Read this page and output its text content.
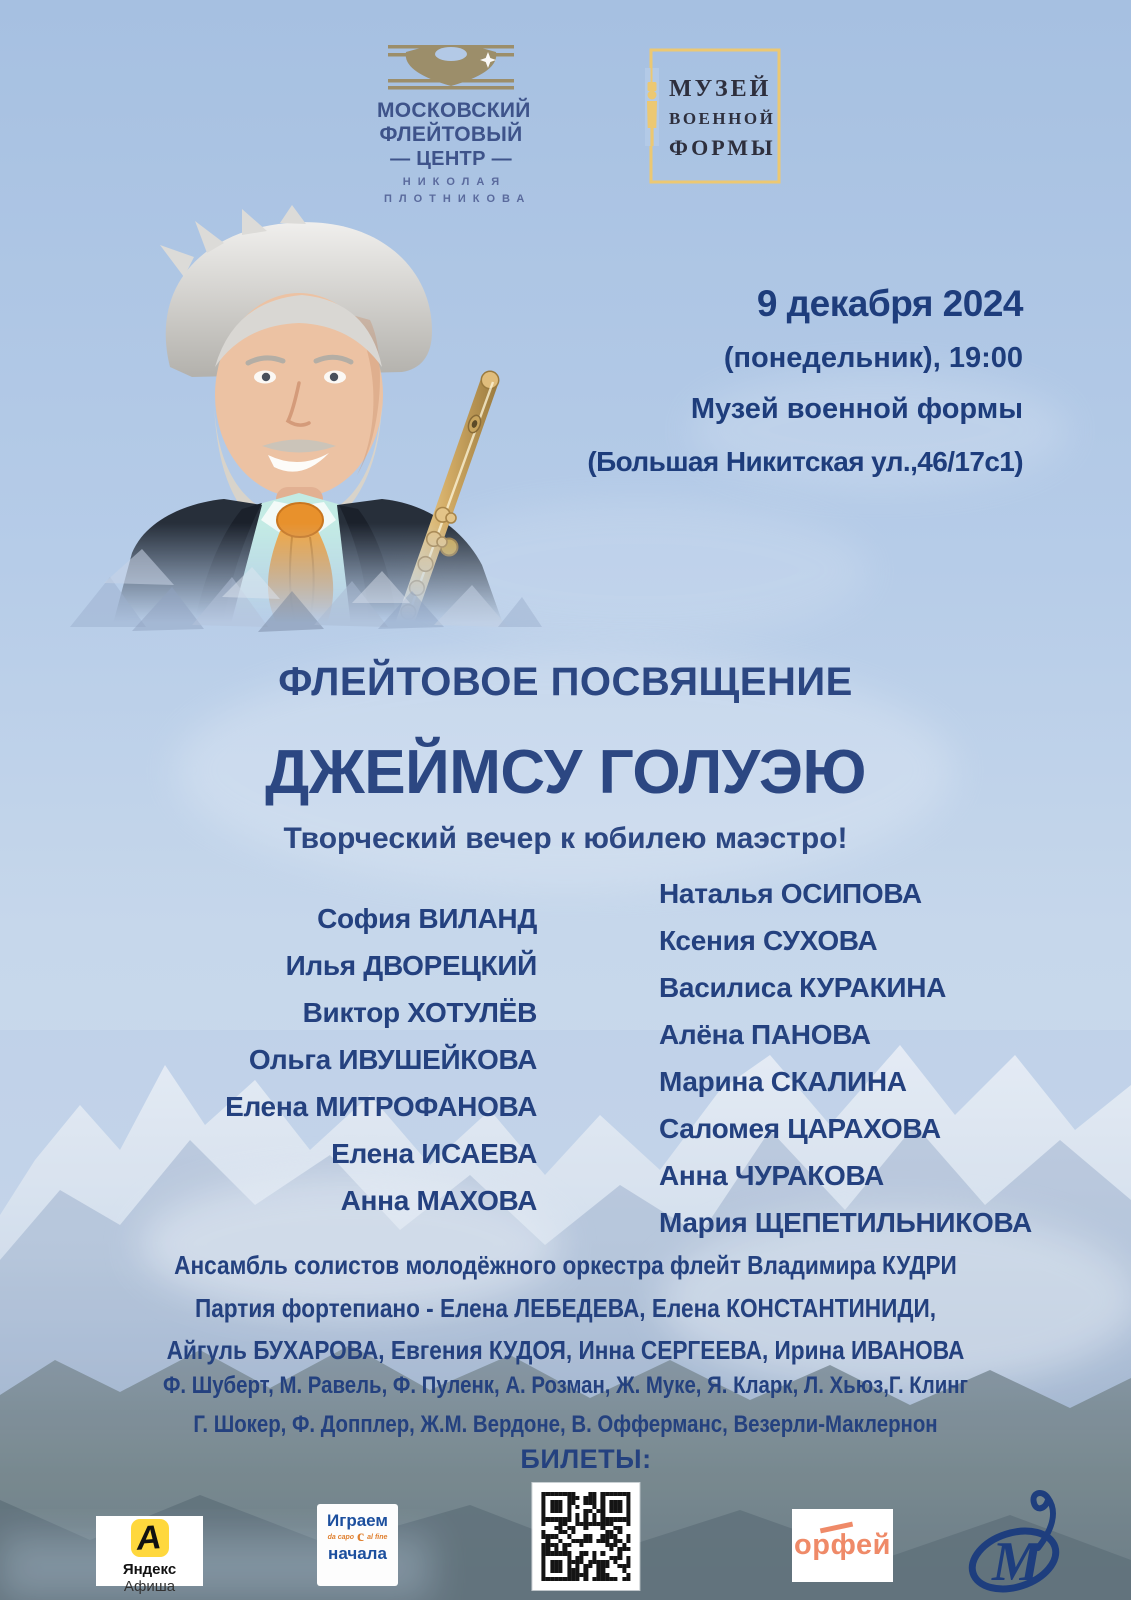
МОСКОВСКИЙ
ФЛЕЙТОВЫЙ
— ЦЕНТР —
НИКОЛАЯ
ПЛОТНИКОВА
МУЗЕЙ
ВОЕННОЙ
ФОРМЫ
9 декабря 2024
(понедельник), 19:00
Музей военной формы
(Большая Никитская ул.,46/17с1)
ФЛЕЙТОВОЕ ПОСВЯЩЕНИЕ
ДЖЕЙМСУ ГОЛУЭЮ
Творческий вечер к юбилею маэстро!
София ВИЛАНД
Илья ДВОРЕЦКИЙ
Виктор ХОТУЛЁВ
Ольга ИВУШЕЙКОВА
Елена МИТРОФАНОВА
Елена ИСАЕВА
Анна МАХОВА
Наталья ОСИПОВА
Ксения СУХОВА
Василиса КУРАКИНА
Алёна ПАНОВА
Марина СКАЛИНА
Саломея ЦАРАХОВА
Анна ЧУРАКОВА
Мария ЩЕПЕТИЛЬНИКОВА
Ансамбль солистов молодёжного оркестра флейт Владимира КУДРИ
Партия фортепиано - Елена ЛЕБЕДЕВА, Елена КОНСТАНТИНИДИ,
Айгуль БУХАРОВА, Евгения КУДОЯ, Инна СЕРГЕЕВА, Ирина ИВАНОВА
Ф. Шуберт, М. Равель, Ф. Пуленк, А. Розман, Ж. Муке, Я. Кларк, Л. Хьюз,Г. Клинг
Г. Шокер, Ф. Допплер, Ж.М. Вердоне, В. Офферманс, Везерли-Маклернон
БИЛЕТЫ:
А
Яндекс Афиша
Играем
da capo с al fine
начала	орфей М
